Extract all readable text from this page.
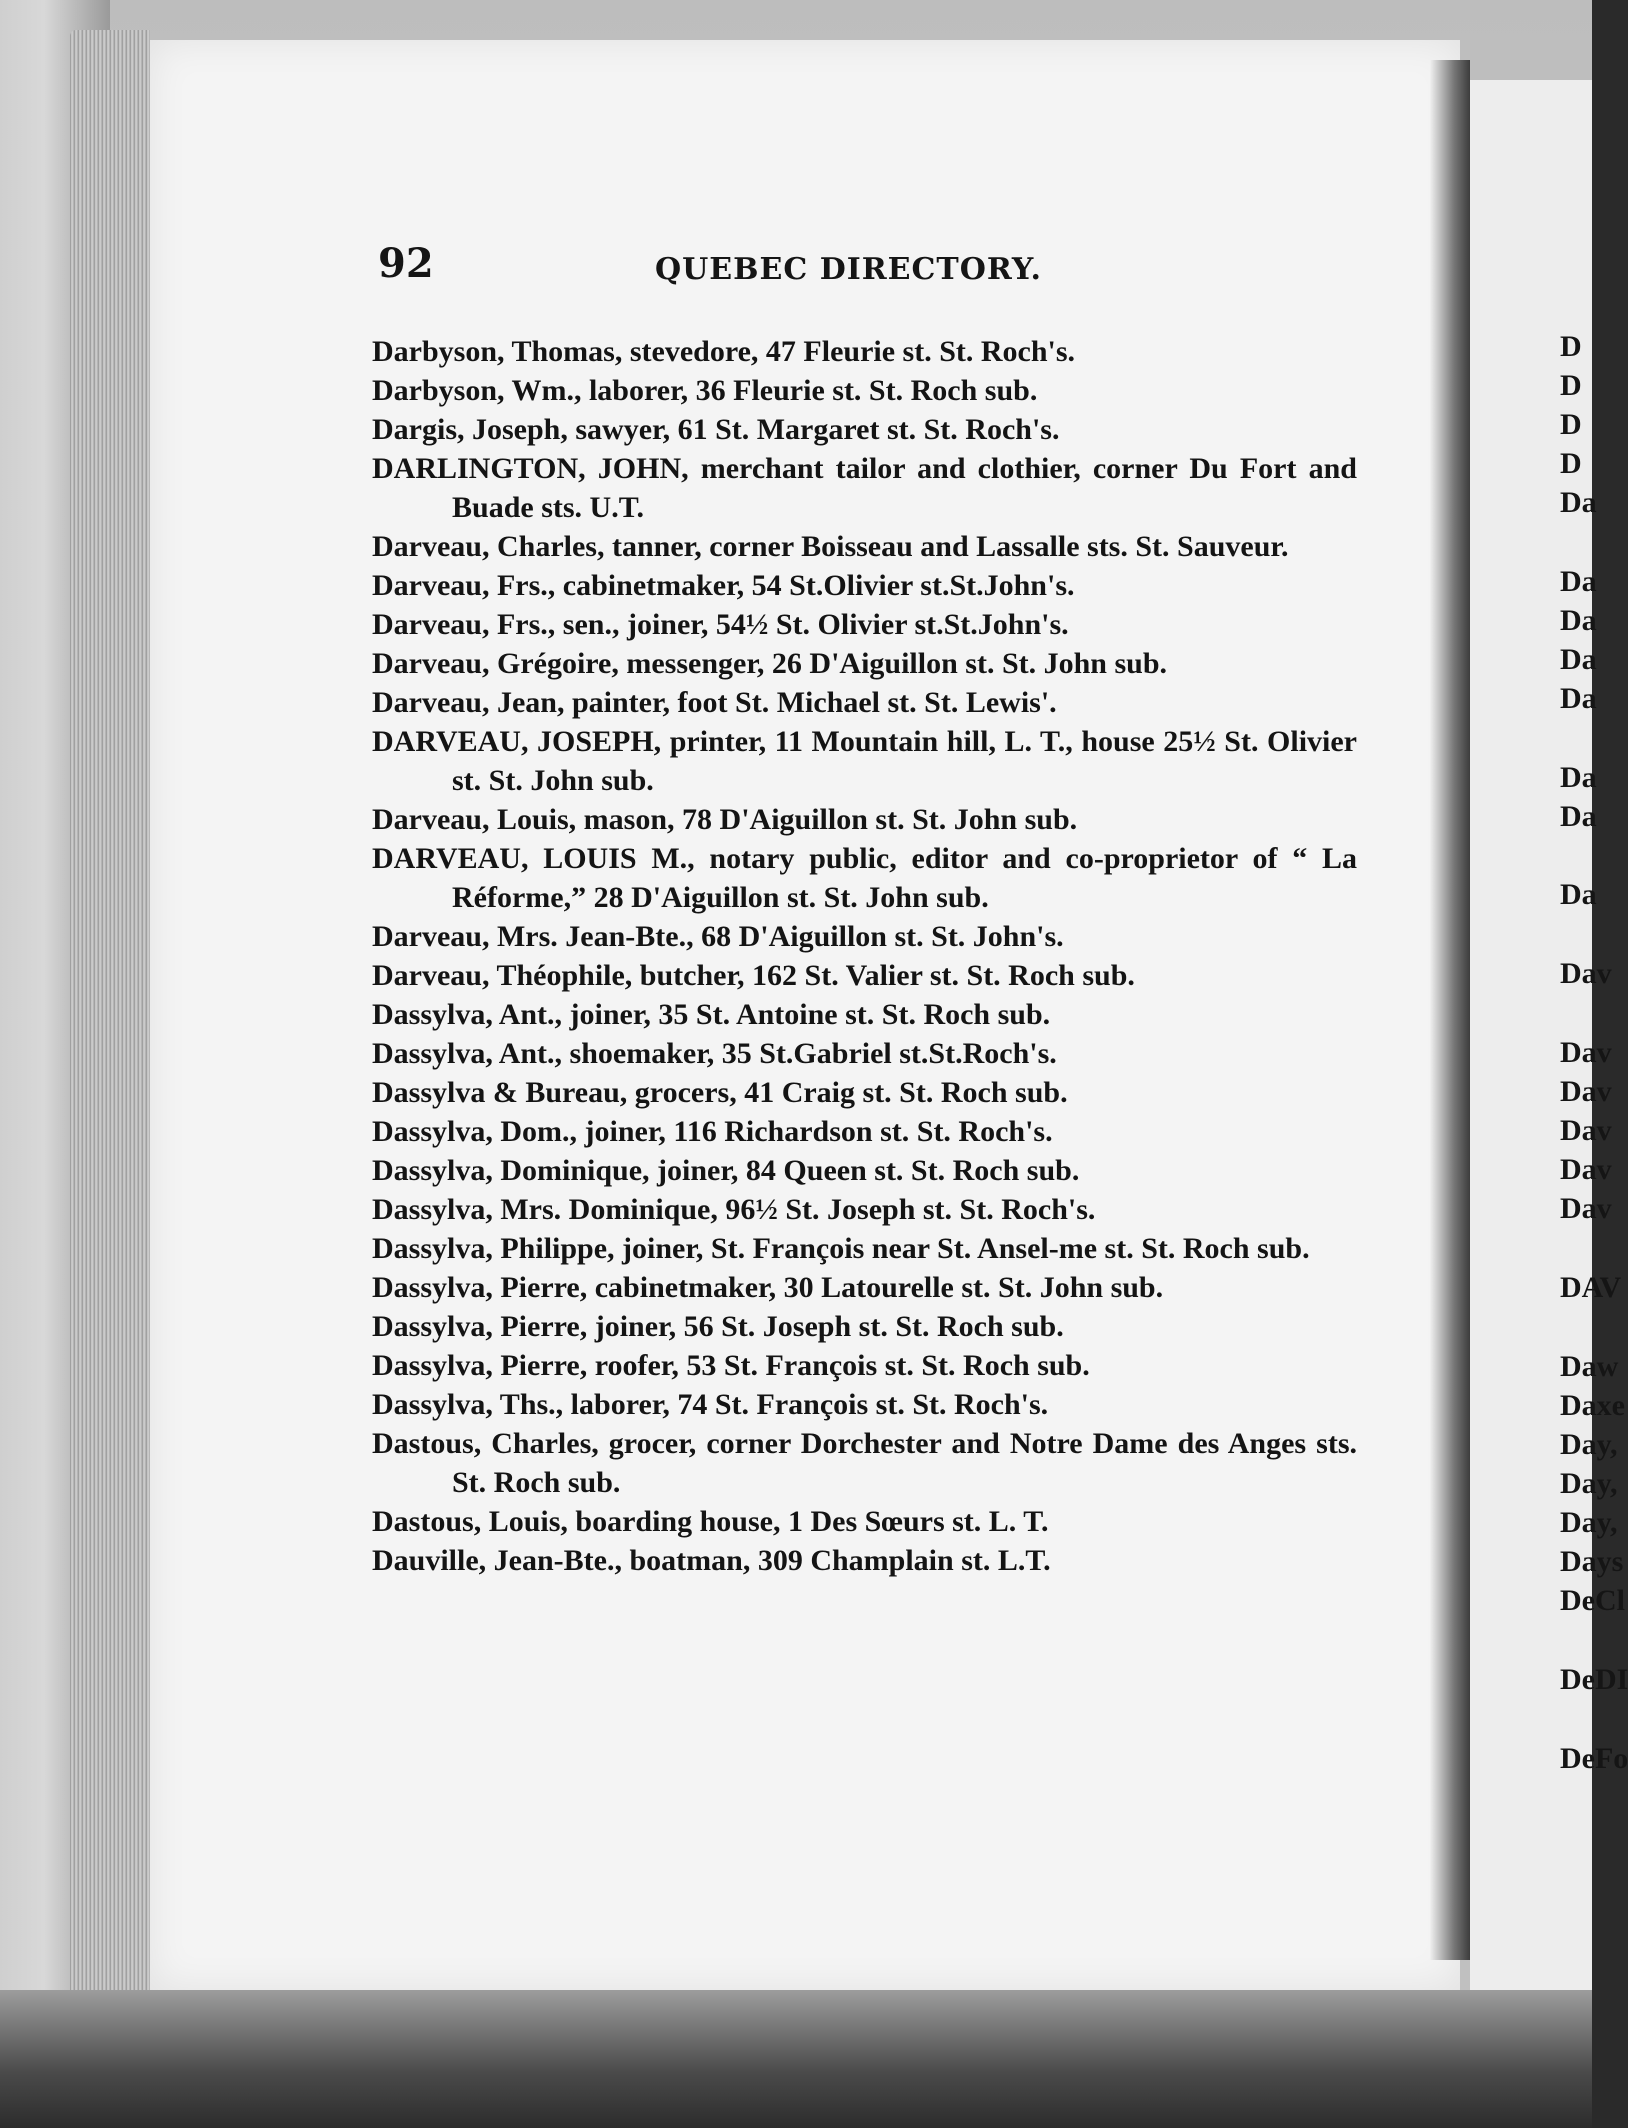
92	QUEBEC DIRECTORY.
Darbyson, Thomas, stevedore, 47 Fleurie st. St. Roch's.
Darbyson, Wm., laborer, 36 Fleurie st. St. Roch sub.
Dargis, Joseph, sawyer, 61 St. Margaret st. St. Roch's.
DARLINGTON, JOHN, merchant tailor and clothier, corner Du Fort and Buade sts. U.T.
Darveau, Charles, tanner, corner Boisseau and Lassalle sts. St. Sauveur.
Darveau, Frs., cabinetmaker, 54 St.Olivier st.St.John's.
Darveau, Frs., sen., joiner, 54½ St. Olivier st.St.John's.
Darveau, Grégoire, messenger, 26 D'Aiguillon st. St. John sub.
Darveau, Jean, painter, foot St. Michael st. St. Lewis'.
DARVEAU, JOSEPH, printer, 11 Mountain hill, L. T., house 25½ St. Olivier st. St. John sub.
Darveau, Louis, mason, 78 D'Aiguillon st. St. John sub.
DARVEAU, LOUIS M., notary public, editor and co-proprietor of “ La Réforme,” 28 D'Aiguillon st. St. John sub.
Darveau, Mrs. Jean-Bte., 68 D'Aiguillon st. St. John's.
Darveau, Théophile, butcher, 162 St. Valier st. St. Roch sub.
Dassylva, Ant., joiner, 35 St. Antoine st. St. Roch sub.
Dassylva, Ant., shoemaker, 35 St.Gabriel st.St.Roch's.
Dassylva & Bureau, grocers, 41 Craig st. St. Roch sub.
Dassylva, Dom., joiner, 116 Richardson st. St. Roch's.
Dassylva, Dominique, joiner, 84 Queen st. St. Roch sub.
Dassylva, Mrs. Dominique, 96½ St. Joseph st. St. Roch's.
Dassylva, Philippe, joiner, St. François near St. Ansel-me st. St. Roch sub.
Dassylva, Pierre, cabinetmaker, 30 Latourelle st. St. John sub.
Dassylva, Pierre, joiner, 56 St. Joseph st. St. Roch sub.
Dassylva, Pierre, roofer, 53 St. François st. St. Roch sub.
Dassylva, Ths., laborer, 74 St. François st. St. Roch's.
Dastous, Charles, grocer, corner Dorchester and Notre Dame des Anges sts. St. Roch sub.
Dastous, Louis, boarding house, 1 Des Sœurs st. L. T.
Dauville, Jean-Bte., boatman, 309 Champlain st. L.T.
D
D
D
D
Da
Da
Da
Da
Da
Da
Da
Da
Dav
Dav
Dav
Dav
Dav
Dav
DAV
Daw
Daxe
Day,
Day,
Day,
Days
DeCl
DeDI
DeFo
